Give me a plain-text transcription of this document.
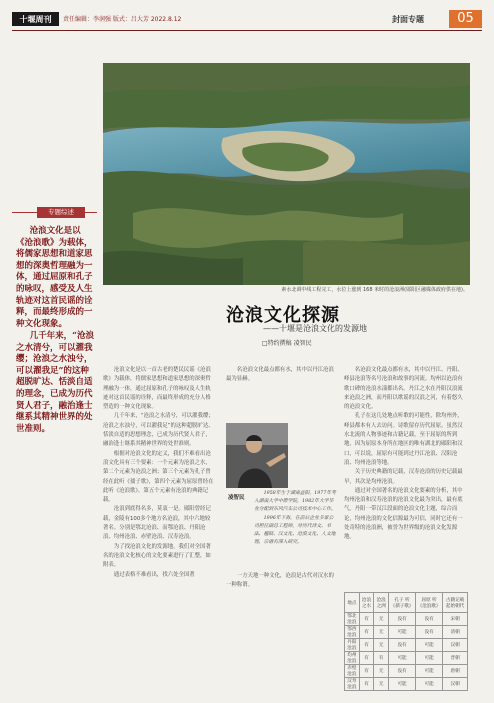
十堰周刊	责任编辑：李润强 版式：吕大芳 2022.8.12	封面专题	05
素水北调中线工程完工，水位上涨到 168 米时的沧浪洲(郧阳区融媒体政府供在地)。
专题综述

沧浪文化是以《沧浪歌》为载体，将儒家思想和道家思想的深奥哲理融为一体，通过屈原和孔子的咏叹，感受及人生轨迹对这首民谣的诠释，而最终形成的一种文化现象。

几千年来，“沧浪之水清兮，可以濯我缨；沧浪之水浊兮，可以濯我足”的这种超脱旷达、恬淡自适的理念，已成为历代贤人君子，融治逢士继系其精神世界的处世准则。

沧浪文化探源
——十堰是沧浪文化的发源地
□特约撰稿 凌智民

沧浪文化是以一首古老的楚民民谣《沧浪歌》为载体，将儒家思想和道家思想的深奥哲理融为一体，通过屈原和孔子的咏叹及人生轨迹对这首民谣的诠释，而最终形成的充分人格塑造的一种文化现象。

几千年来，“沧浪之水清兮，可以濯我缨；沧浪之水浊兮，可以濯我足”的这种超脱旷达、恬淡自适的思想理念，已成为历代贤人君子，融治逢士继系其精神世界的处世准则。

根据对沧浪文化的定义，我们不难看出沧浪文化具有三个要素：一个元素为沧浪之水，第二个元素为沧浪之洲；第三个元素为孔子曾经在此听《孺子歌》，第四个元素为屈原曾经在此听《沧浪歌》。第五个元素有沧浪的典籍记载。

沧浪到底得名多，莫衷一是。郧阳曾经记载，金陵有100多个地方名沧浪，其中六地较著名。分别是鄂北沧浪、而鄂沧浪、丹阳沧浪、均州沧浪、赤壁沧浪、汉寿沧浪。

为了找沧浪文化的发源地，我们对全国著名的沧浪文化核心的文化要素进行了汇整，如附表。

通过表格不难看出，找六处全国著

名沧浪文化最点都有水，其中以丹江沧浪最为显赫。

凌智民

1958年生于湖南益阳，1977年考入湖南大学中原学院，1982年大学毕业分配到东风汽车公司技术中心工作。

1996年下海，在前后企业多家公司担任副总工程师，对历代诗文、书法、楹联、汉文化、沧浪文化、人文地理、宗谱有深入研究。

一方天地一种文化，沧浪是古代对汉水的一种称谓。

名沧浪文化最点都有水，其中以丹江、丹阳、峄县沧浪等名号沧浪和故事的河流。均州以沧浪有歌口碑的沧浪水漾都出名。丹江之水在丹阳汉浪流来沧浪之洲，而丹阳以歌谣的汉浪之河，有着悠久的沧浪文化。

孔子在这几处地点听歌的可能性，除均州外，峄县都本有人去访问。诗歌留存历代屈原。虽然汉水北流的人物事迹和古籍记载，至于屈原的所到地，因为屈原本身所在地区的唯有湖北的郧阳和汉口，可以说，屈原有可能到过丹江沧浪、汉阳沧浪、均州沧浪等地。

关于历史典籍的记载，汉寿沧浪的历史记载最早，其次是均州沧浪。

通过对全国著名的沧浪文化要素的分析，其中均州沧浪和汉寿沧浪的沧浪文化最为突出，最有底气。丹阳一带汉江段面的沧浪文化主题，综合而论，均州沧浪的文化信源最为可信，同时它还有一处奇特的沧浪洲，被誉为世界级的沧浪文化发源地。

地点	沧浪之水	沧浪之洲	孔子 听《孺子歌》	屈原 听《沧浪歌》	古籍记载 起始朝代
鄂北沧浪	有	无	没有	没有	宋朝
鄂西沧浪	有	无	可能	没有	清朝
丹阳沧浪	有	无	没有	可能	汉朝
均州沧浪	有	有	可能	可能	晋朝
赤壁沧浪	有	无	没有	可能	唐朝
汉寿沧浪	有	无	可能	可能	汉朝
